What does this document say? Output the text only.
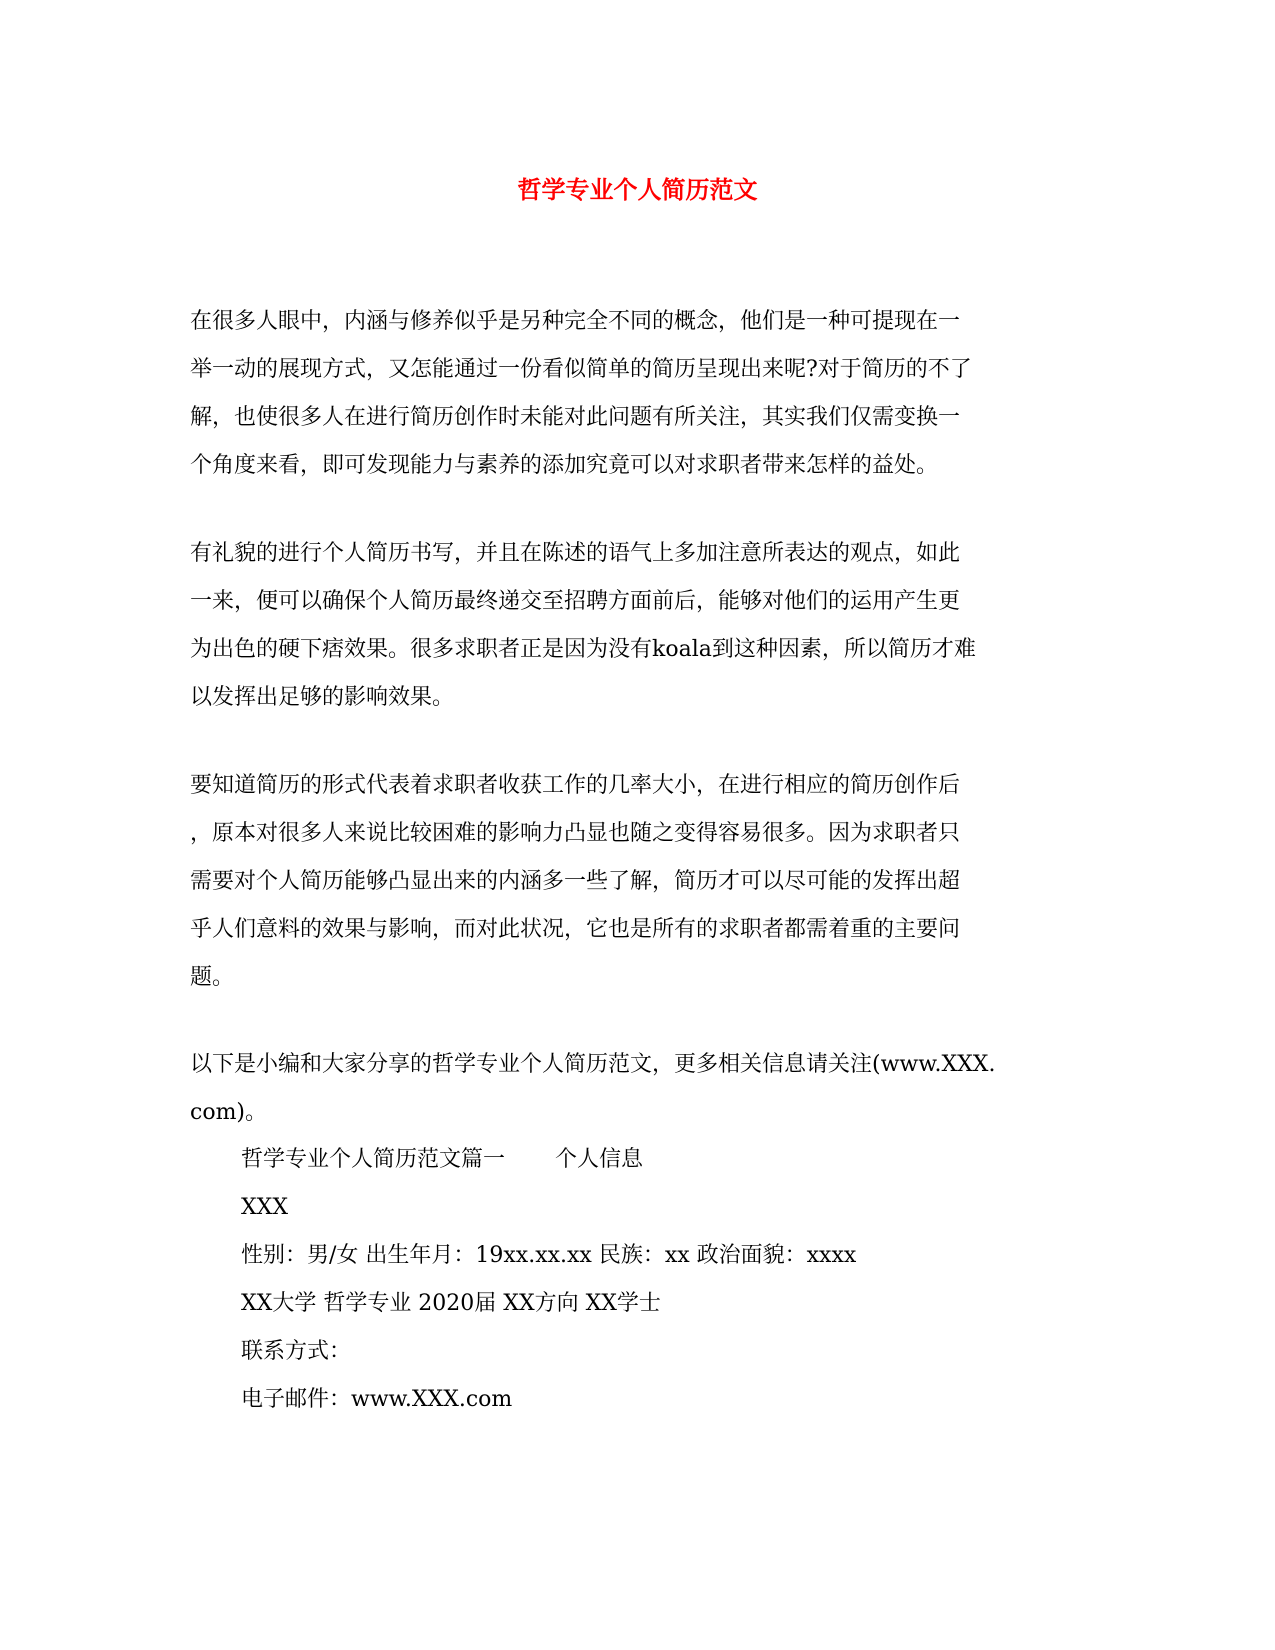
哲学专业个人简历范文

在很多人眼中，内涵与修养似乎是另种完全不同的概念，他们是一种可提现在一
举一动的展现方式，又怎能通过一份看似简单的简历呈现出来呢?对于简历的不了
解，也使很多人在进行简历创作时未能对此问题有所关注，其实我们仅需变换一
个角度来看，即可发现能力与素养的添加究竟可以对求职者带来怎样的益处。

有礼貌的进行个人简历书写，并且在陈述的语气上多加注意所表达的观点，如此
一来，便可以确保个人简历最终递交至招聘方面前后，能够对他们的运用产生更
为出色的硬下痞效果。很多求职者正是因为没有koala到这种因素，所以简历才难
以发挥出足够的影响效果。

要知道简历的形式代表着求职者收获工作的几率大小，在进行相应的简历创作后
，原本对很多人来说比较困难的影响力凸显也随之变得容易很多。因为求职者只
需要对个人简历能够凸显出来的内涵多一些了解，简历才可以尽可能的发挥出超
乎人们意料的效果与影响，而对此状况，它也是所有的求职者都需着重的主要问
题。

以下是小编和大家分享的哲学专业个人简历范文，更多相关信息请关注(www.XXX.
com)。

哲学专业个人简历范文篇一 个人信息
XXX
性别：男/女 出生年月：19xx.xx.xx 民族：xx 政治面貌：xxxx
XX大学 哲学专业 2020届 XX方向 XX学士
联系方式：
电子邮件：www.XXX.com
